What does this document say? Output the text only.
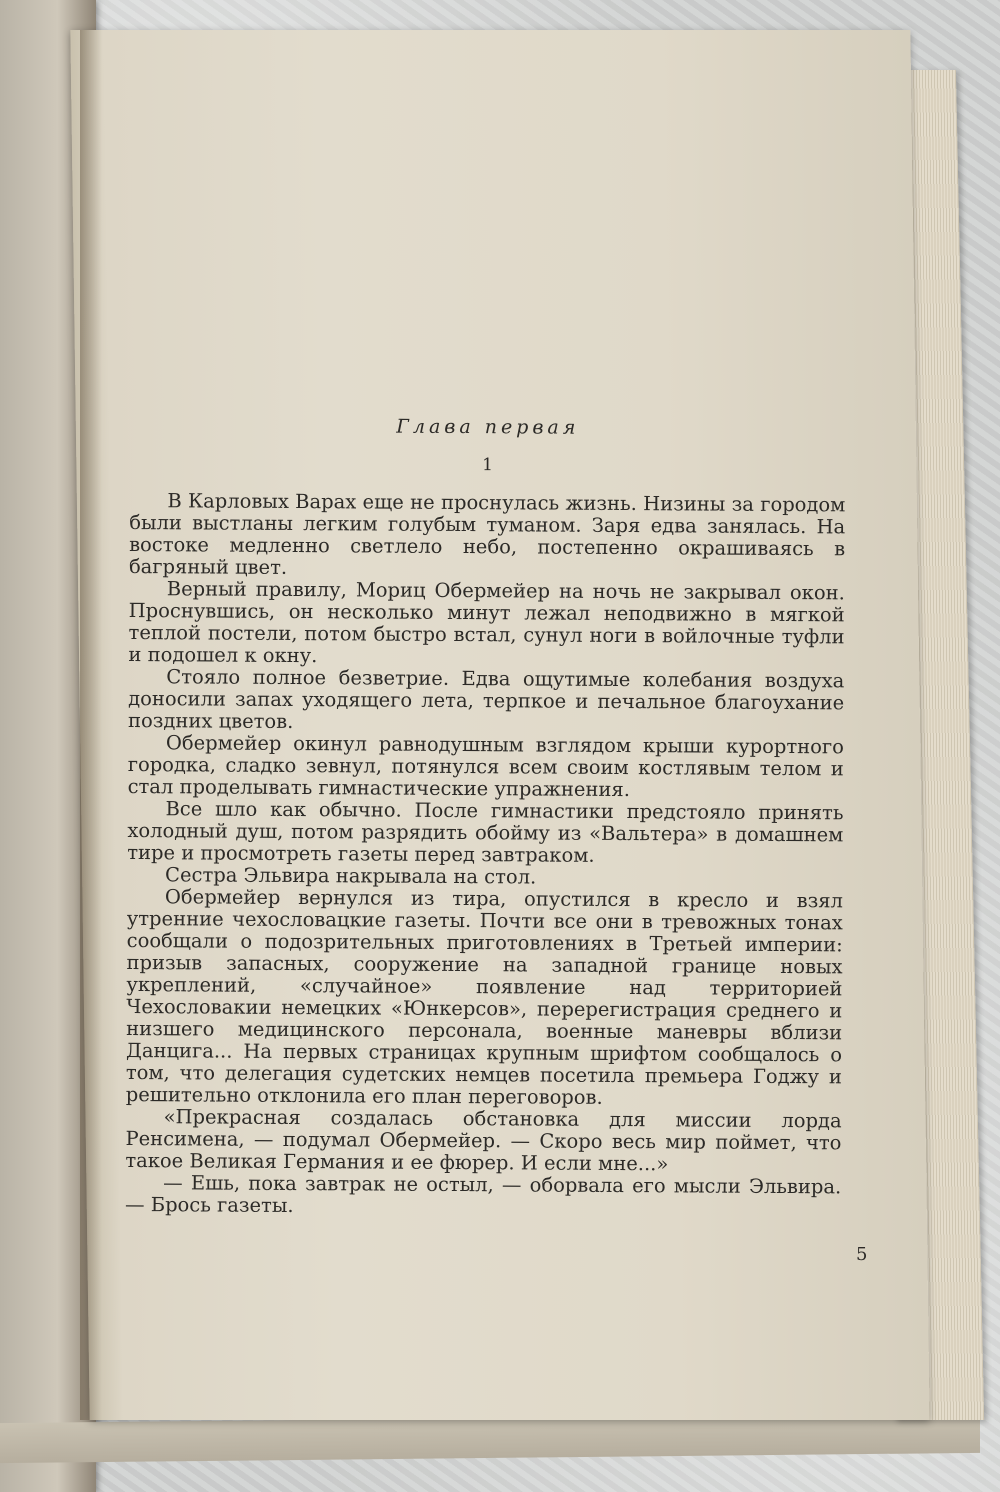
Глава первая
1

В Карловых Варах еще не проснулась жизнь. Низины за городом были выстланы легким голубым туманом. Заря едва занялась. На востоке медленно светлело небо, постепенно окрашиваясь в багряный цвет.

Верный правилу, Мориц Обермейер на ночь не закрывал окон. Проснувшись, он несколько минут лежал неподвижно в мягкой теплой постели, потом быстро встал, сунул ноги в войлочные туфли и подошел к окну.

Стояло полное безветрие. Едва ощутимые колебания воздуха доносили запах уходящего лета, терпкое и печальное благоухание поздних цветов.

Обермейер окинул равнодушным взглядом крыши курортного городка, сладко зевнул, потянулся всем своим костлявым телом и стал проделывать гимнастические упражнения.

Все шло как обычно. После гимнастики предстояло принять холодный душ, потом разрядить обойму из «Вальтера» в домашнем тире и просмотреть газеты перед завтраком.

Сестра Эльвира накрывала на стол.

Обермейер вернулся из тира, опустился в кресло и взял утренние чехословацкие газеты. Почти все они в тревожных тонах сообщали о подозрительных приготовлениях в Третьей империи: призыв запасных, сооружение на западной границе новых укреплений, «случайное» появление над территорией Чехословакии немецких «Юнкерсов», перерегистрация среднего и низшего медицинского персонала, военные маневры вблизи Данцига... На первых страницах крупным шрифтом сообщалось о том, что делегация судетских немцев посетила премьера Годжу и решительно отклонила его план переговоров.

«Прекрасная создалась обстановка для миссии лорда Ренсимена, — подумал Обермейер. — Скоро весь мир поймет, что такое Великая Германия и ее фюрер. И если мне...»

— Ешь, пока завтрак не остыл, — оборвала его мысли Эльвира. — Брось газеты.

5
